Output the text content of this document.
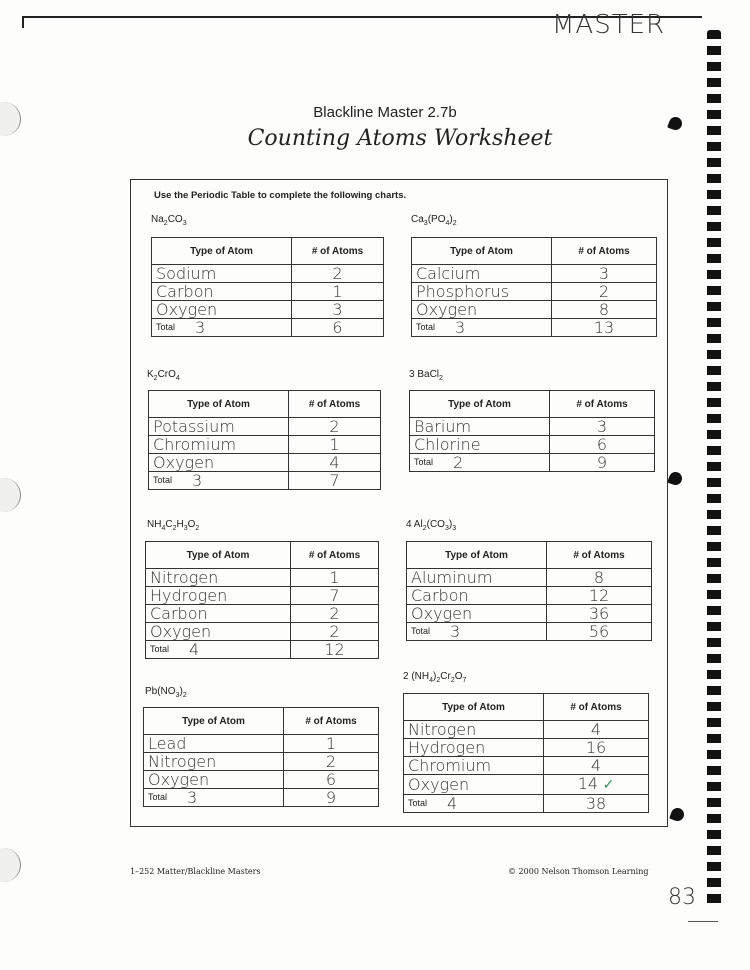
MASTER
Blackline Master 2.7b
Counting Atoms Worksheet
Use the Periodic Table to complete the following charts.
$Na_2CO_3$
Type of Atom	# of Atoms
Sodium	2
Carbon	1
Oxygen	3
$^{Total}$ 3	6
$Ca_3(PO_4)_2$
Type of Atom	# of Atoms
Calcium	3
Phosphorus	2
Oxygen	8
$^{Total}$ 3	13
$K_2CrO_4$
Type of Atom	# of Atoms
Potassium	2
Chromium	1
Oxygen	4
$^{Total}$ 3	7
3 BaCl$_2$
Type of Atom	# of Atoms
Barium	3
Chlorine	6
$^{Total}$ 2	9
$NH_4C_2H_3O_2$
Type of Atom	# of Atoms
Nitrogen	1
Hydrogen	7
Carbon	2
Oxygen	2
$^{Total}$ 4	12
4 $Al_2(CO_3)_3$
Type of Atom	# of Atoms
Aluminum	8
Carbon	12
Oxygen	36
$^{Total}$ 3	56
$Pb(NO_3)_2$
Type of Atom	# of Atoms
Lead	1
Nitrogen	2
Oxygen	6
$^{Total}$ 3	9
2 $(NH_4)_2Cr_2O_7$
Type of Atom	# of Atoms
Nitrogen	4
Hydrogen	16
Chromium	4
Oxygen	14 ✓
$^{Total}$ 4	38
1–252 Matter/Blackline Masters	© 2000 Nelson Thomson Learning
83
